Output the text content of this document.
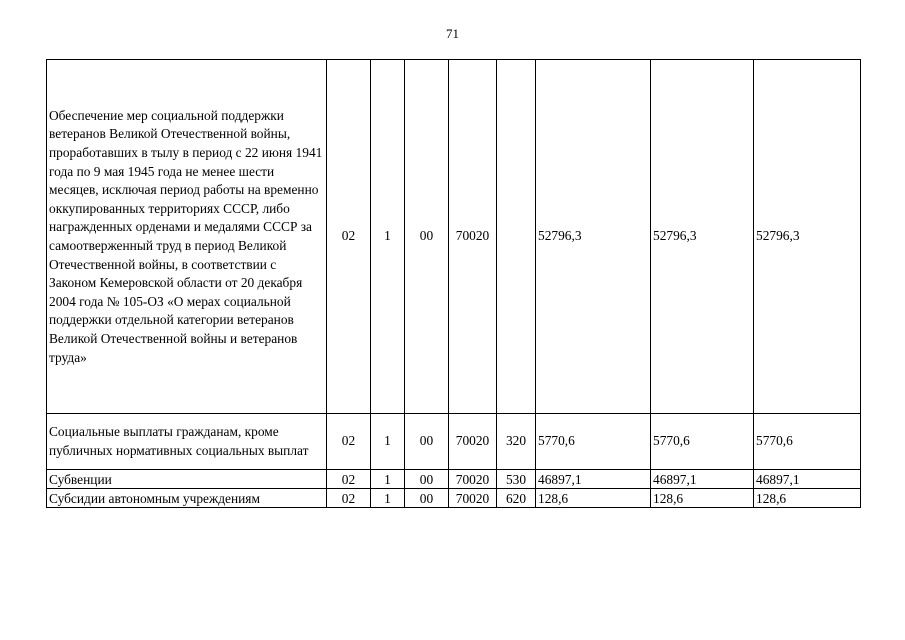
71
Обеспечение мер социальной поддержки ветеранов Великой Отечественной войны, проработавших в тылу в период с 22 июня 1941 года по 9 мая 1945 года не менее шести месяцев, исключая период работы на временно оккупированных территориях СССР, либо награжденных орденами и медалями СССР за самоотверженный труд в период Великой Отечественной войны, в соответствии с Законом Кемеровской области от 20 декабря 2004 года № 105-ОЗ «О мерах социальной поддержки отдельной категории ветеранов Великой Отечественной войны и ветеранов труда»	02	1	00	70020		52796,3	52796,3	52796,3
Социальные выплаты гражданам, кроме публичных нормативных социальных выплат	02	1	00	70020	320	5770,6	5770,6	5770,6
Субвенции	02	1	00	70020	530	46897,1	46897,1	46897,1
Субсидии автономным учреждениям	02	1	00	70020	620	128,6	128,6	128,6
